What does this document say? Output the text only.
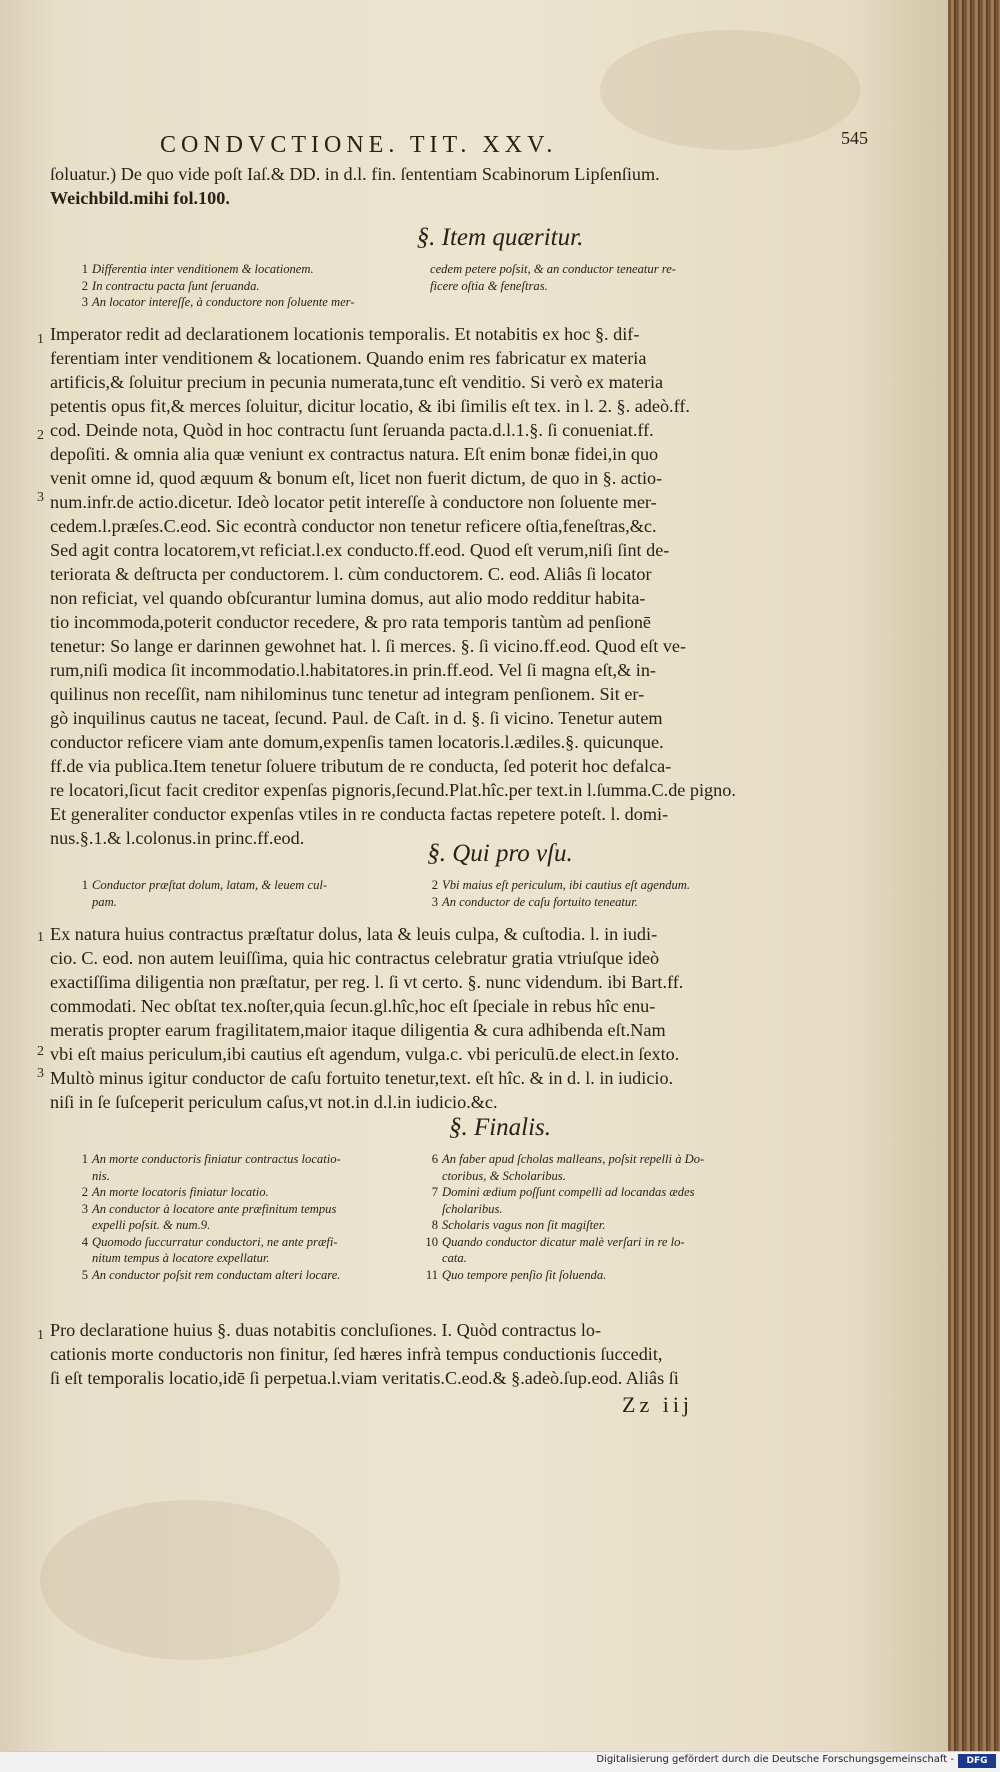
CONDVCTIONE. TIT. XXV.	545

ſoluatur.) De quo vide poſt Iaſ.& DD. in d.l. fin. ſententiam Scabinorum Lipſenſium.

Weichbild.mihi fol.100.

§. Item quæritur.
1 Differentia inter venditionem & locationem.
2 In contractu pacta ſunt ſeruanda.
3 An locator intereſſe, à conductore non ſoluente mer-
cedem petere poſsit, & an conductor teneatur re-
ficere oſtia & feneſtras.
1
2
3

Imperator redit ad declarationem locationis temporalis. Et notabitis ex hoc §. dif-

ferentiam inter venditionem & locationem. Quando enim res fabricatur ex materia

artificis,& ſoluitur precium in pecunia numerata,tunc eſt venditio. Si verò ex materia

petentis opus fit,& merces ſoluitur, dicitur locatio, & ibi ſimilis eſt tex. in l. 2. §. adeò.ff.

cod. Deinde nota, Quòd in hoc contractu ſunt ſeruanda pacta.d.l.1.§. ſi conueniat.ff.

depoſiti. & omnia alia quæ veniunt ex contractus natura. Eſt enim bonæ fidei,in quo

venit omne id, quod æquum & bonum eſt, licet non fuerit dictum, de quo in §. actio-

num.infr.de actio.dicetur. Ideò locator petit intereſſe à conductore non ſoluente mer-

cedem.l.præſes.C.eod. Sic econtrà conductor non tenetur reficere oſtia,feneſtras,&c.

Sed agit contra locatorem,vt reficiat.l.ex conducto.ff.eod. Quod eſt verum,niſi ſint de-

teriorata & deſtructa per conductorem. l. cùm conductorem. C. eod. Aliâs ſi locator

non reficiat, vel quando obſcurantur lumina domus, aut alio modo redditur habita-

tio incommoda,poterit conductor recedere, & pro rata temporis tantùm ad penſionē

tenetur: So lange er darinnen gewohnet hat. l. ſi merces. §. ſi vicino.ff.eod. Quod eſt ve-

rum,niſi modica ſit incommodatio.l.habitatores.in prin.ff.eod. Vel ſi magna eſt,& in-

quilinus non receſſit, nam nihilominus tunc tenetur ad integram penſionem. Sit er-

gò inquilinus cautus ne taceat, ſecund. Paul. de Caſt. in d. §. ſi vicino. Tenetur autem

conductor reficere viam ante domum,expenſis tamen locatoris.l.ædiles.§. quicunque.

ff.de via publica.Item tenetur ſoluere tributum de re conducta, ſed poterit hoc defalca-

re locatori,ſicut facit creditor expenſas pignoris,ſecund.Plat.hîc.per text.in l.ſumma.C.de pigno.

Et generaliter conductor expenſas vtiles in re conducta factas repetere poteſt. l. domi-

nus.§.1.& l.colonus.in princ.ff.eod.

§. Qui pro vſu.
1 Conductor præſtat dolum, latam, & leuem cul-
pam.
2 Vbi maius eſt periculum, ibi cautius eſt agendum.
3 An conductor de caſu fortuito teneatur.
1
2
3

Ex natura huius contractus præſtatur dolus, lata & leuis culpa, & cuſtodia. l. in iudi-

cio. C. eod. non autem leuiſſima, quia hic contractus celebratur gratia vtriuſque ideò

exactiſſima diligentia non præſtatur, per reg. l. ſi vt certo. §. nunc videndum. ibi Bart.ff.

commodati. Nec obſtat tex.noſter,quia ſecun.gl.hîc,hoc eſt ſpeciale in rebus hîc enu-

meratis propter earum fragilitatem,maior itaque diligentia & cura adhibenda eſt.Nam

vbi eſt maius periculum,ibi cautius eſt agendum, vulga.c. vbi periculū.de elect.in ſexto.

Multò minus igitur conductor de caſu fortuito tenetur,text. eſt hîc. & in d. l. in iudicio.

niſi in ſe ſuſceperit periculum caſus,vt not.in d.l.in iudicio.&c.

§. Finalis.
1 An morte conductoris finiatur contractus locatio-
nis.
2 An morte locatoris finiatur locatio.
3 An conductor à locatore ante præfinitum tempus
expelli poſsit. & num.9.
4 Quomodo ſuccurratur conductori, ne ante præfi-
nitum tempus à locatore expellatur.
5 An conductor poſsit rem conductam alteri locare.
6 An faber apud ſcholas malleans, poſsit repelli à Do-
ctoribus, & Scholaribus.
7 Domini ædium poſſunt compelli ad locandas ædes
ſcholaribus.
8 Scholaris vagus non ſit magiſter.
10 Quando conductor dicatur malè verſari in re lo-
cata.
11 Quo tempore penſio ſit ſoluenda.
1 Pro declaratione huius §. duas notabitis concluſiones. I. Quòd contractus lo-

cationis morte conductoris non finitur, ſed hæres infrà tempus conductionis ſuccedit,

ſi eſt temporalis locatio,idē ſi perpetua.l.viam veritatis.C.eod.& §.adeò.ſup.eod. Aliâs ſi

Zz iij
Digitalisierung gefördert durch die Deutsche Forschungsgemeinschaft -	DFG
